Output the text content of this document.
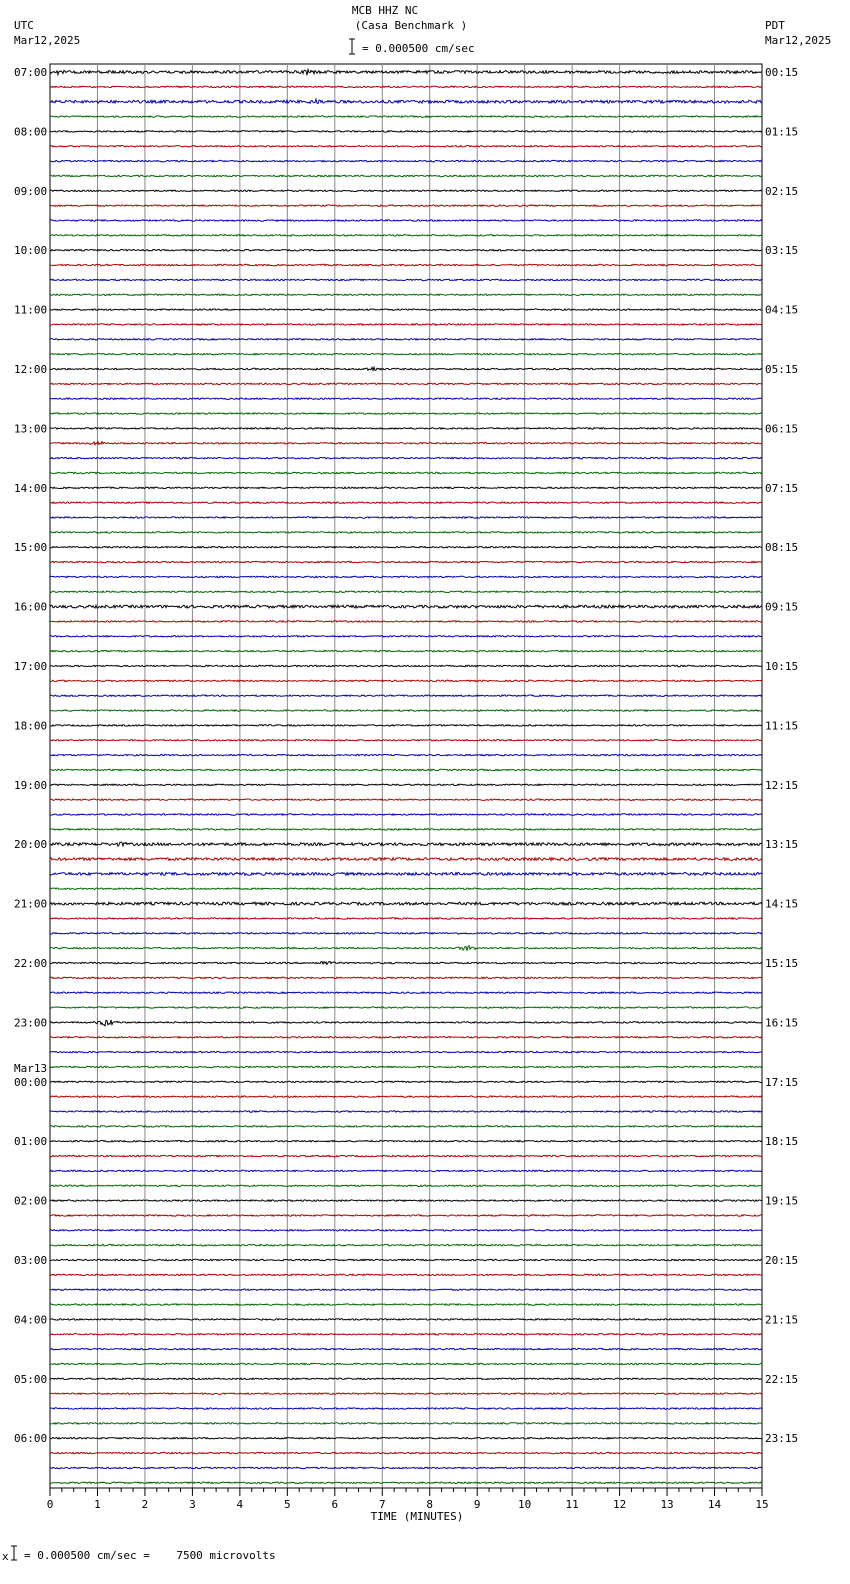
0	1	2	3	4	5	6	7	8	9	10	11	12	13	14	15
07:00
08:00
09:00
10:00
11:00
12:00
13:00
14:00
15:00
16:00
17:00
18:00
19:00
20:00
21:00
22:00
23:00
00:00
01:00
02:00
03:00
04:00
05:00
06:00
00:15
01:15
02:15
03:15
04:15
05:15
06:15
07:15
08:15
09:15
10:15
11:15
12:15
13:15
14:15
15:15
16:15
17:15
18:15
19:15
20:15
21:15
22:15
23:15
Mar13
MCB HHZ NC
(Casa Benchmark )
= 0.000500 cm/sec
UTC
Mar12,2025
PDT
Mar12,2025
TIME (MINUTES)
x = 0.000500 cm/sec =    7500 microvolts
